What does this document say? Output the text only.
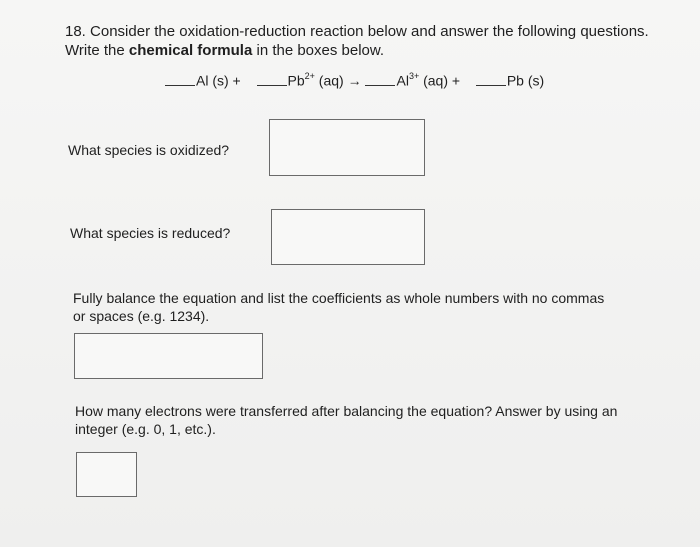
18. Consider the oxidation-reduction reaction below and answer the following questions.
Write the chemical formula in the boxes below.
Al (s) +	$Pb^{2+}$ $(aq) \to Al^{3+}$ (aq) +	Pb (s)
What species is oxidized?
What species is reduced?
Fully balance the equation and list the coefficients as whole numbers with no commas
or spaces (e.g. 1234).
How many electrons were transferred after balancing the equation? Answer by using an
integer (e.g. 0, 1, etc.).
